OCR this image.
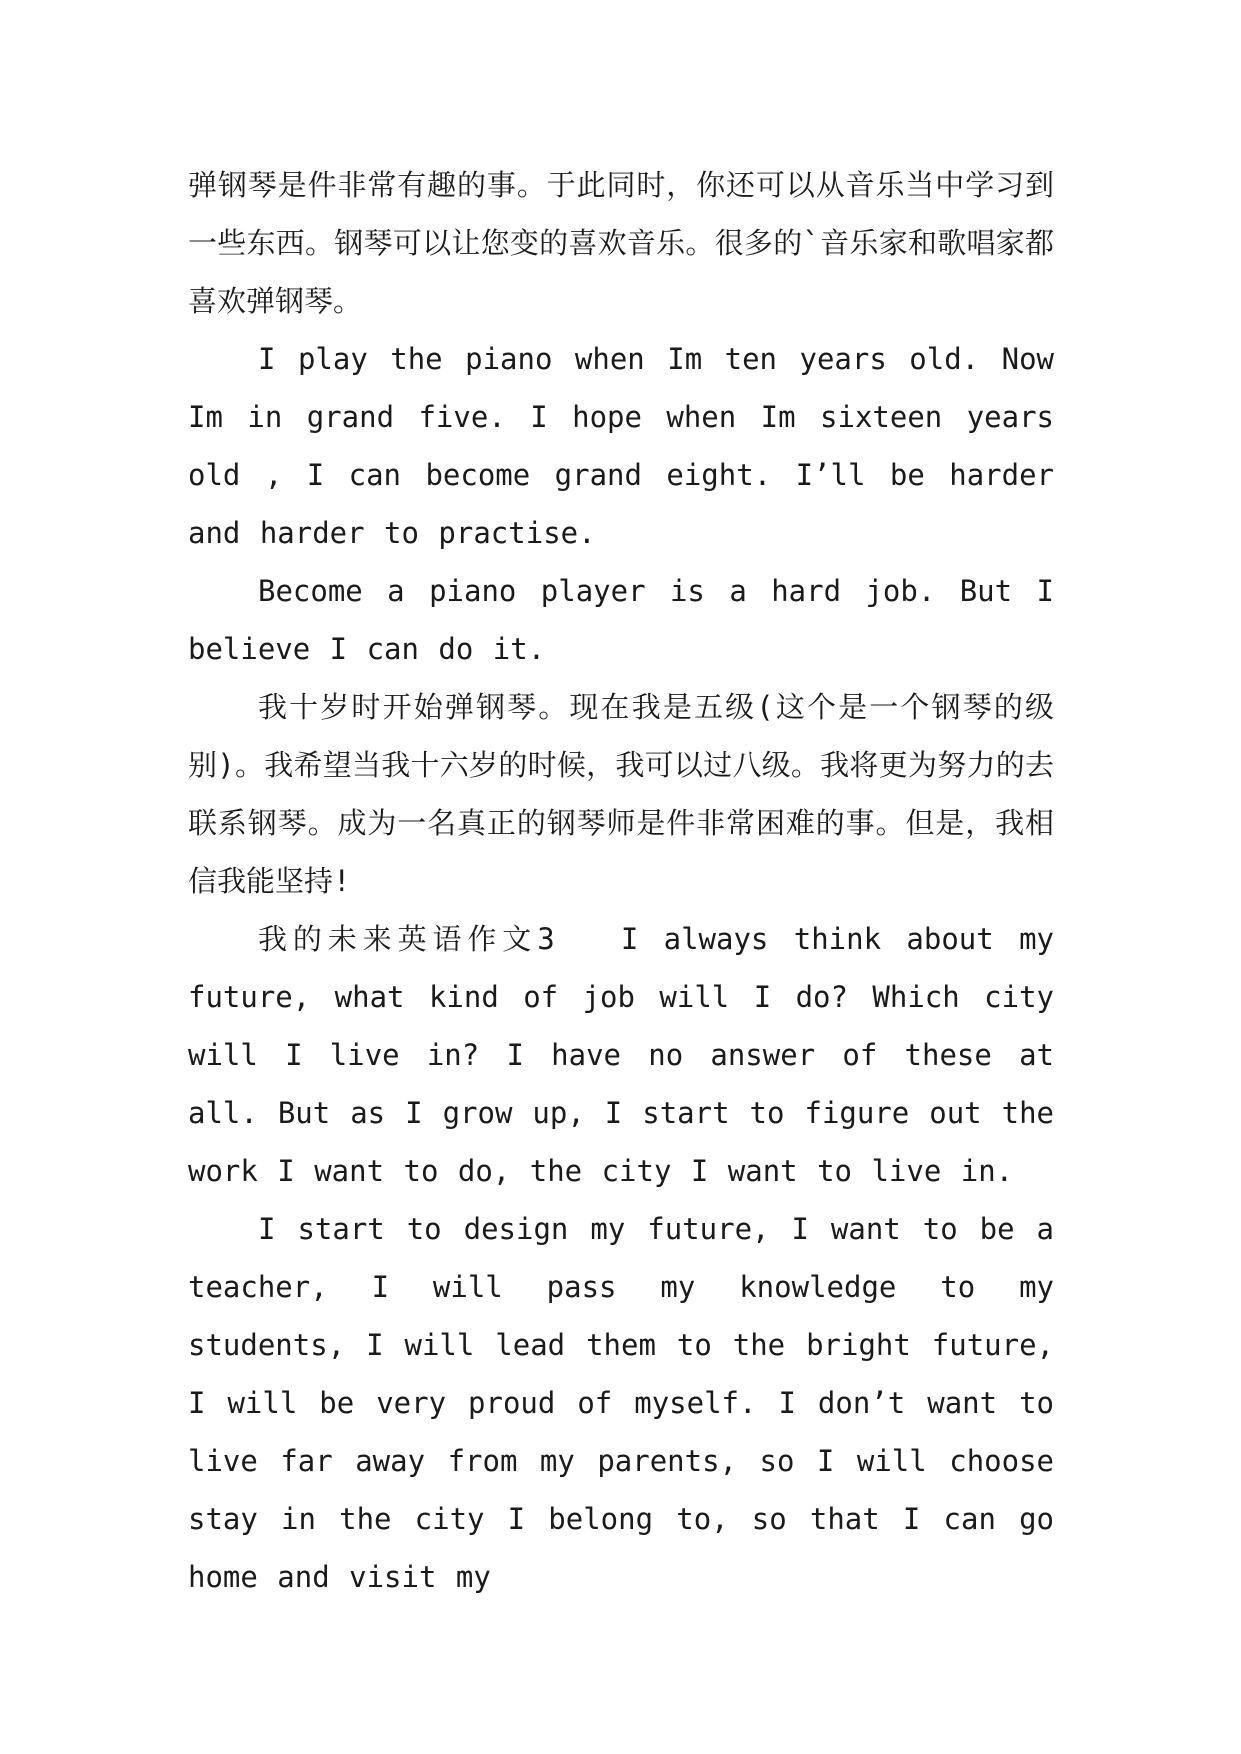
弹钢琴是件非常有趣的事。于此同时，你还可以从音乐当中学习到一些东西。钢琴可以让您变的喜欢音乐。很多的`音乐家和歌唱家都喜欢弹钢琴。

I play the piano when Im ten years old. Now Im in grand five. I hope when Im sixteen years old , I can become grand eight. I’ll be harder and harder to practise.

Become a piano player is a hard job. But I believe I can do it.

我十岁时开始弹钢琴。现在我是五级(这个是一个钢琴的级别)。我希望当我十六岁的时候，我可以过八级。我将更为努力的去联系钢琴。成为一名真正的钢琴师是件非常困难的事。但是，我相信我能坚持!

我的未来英语作文3　 I always think about my future, what kind of job will I do? Which city will I live in? I have no answer of these at all. But as I grow up, I start to figure out the work I want to do, the city I want to live in.

I start to design my future, I want to be a teacher, I will pass my knowledge to my students, I will lead them to the bright future, I will be very proud of myself. I don’t want to live far away from my parents, so I will choose stay in the city I belong to, so that I can go home and visit my
